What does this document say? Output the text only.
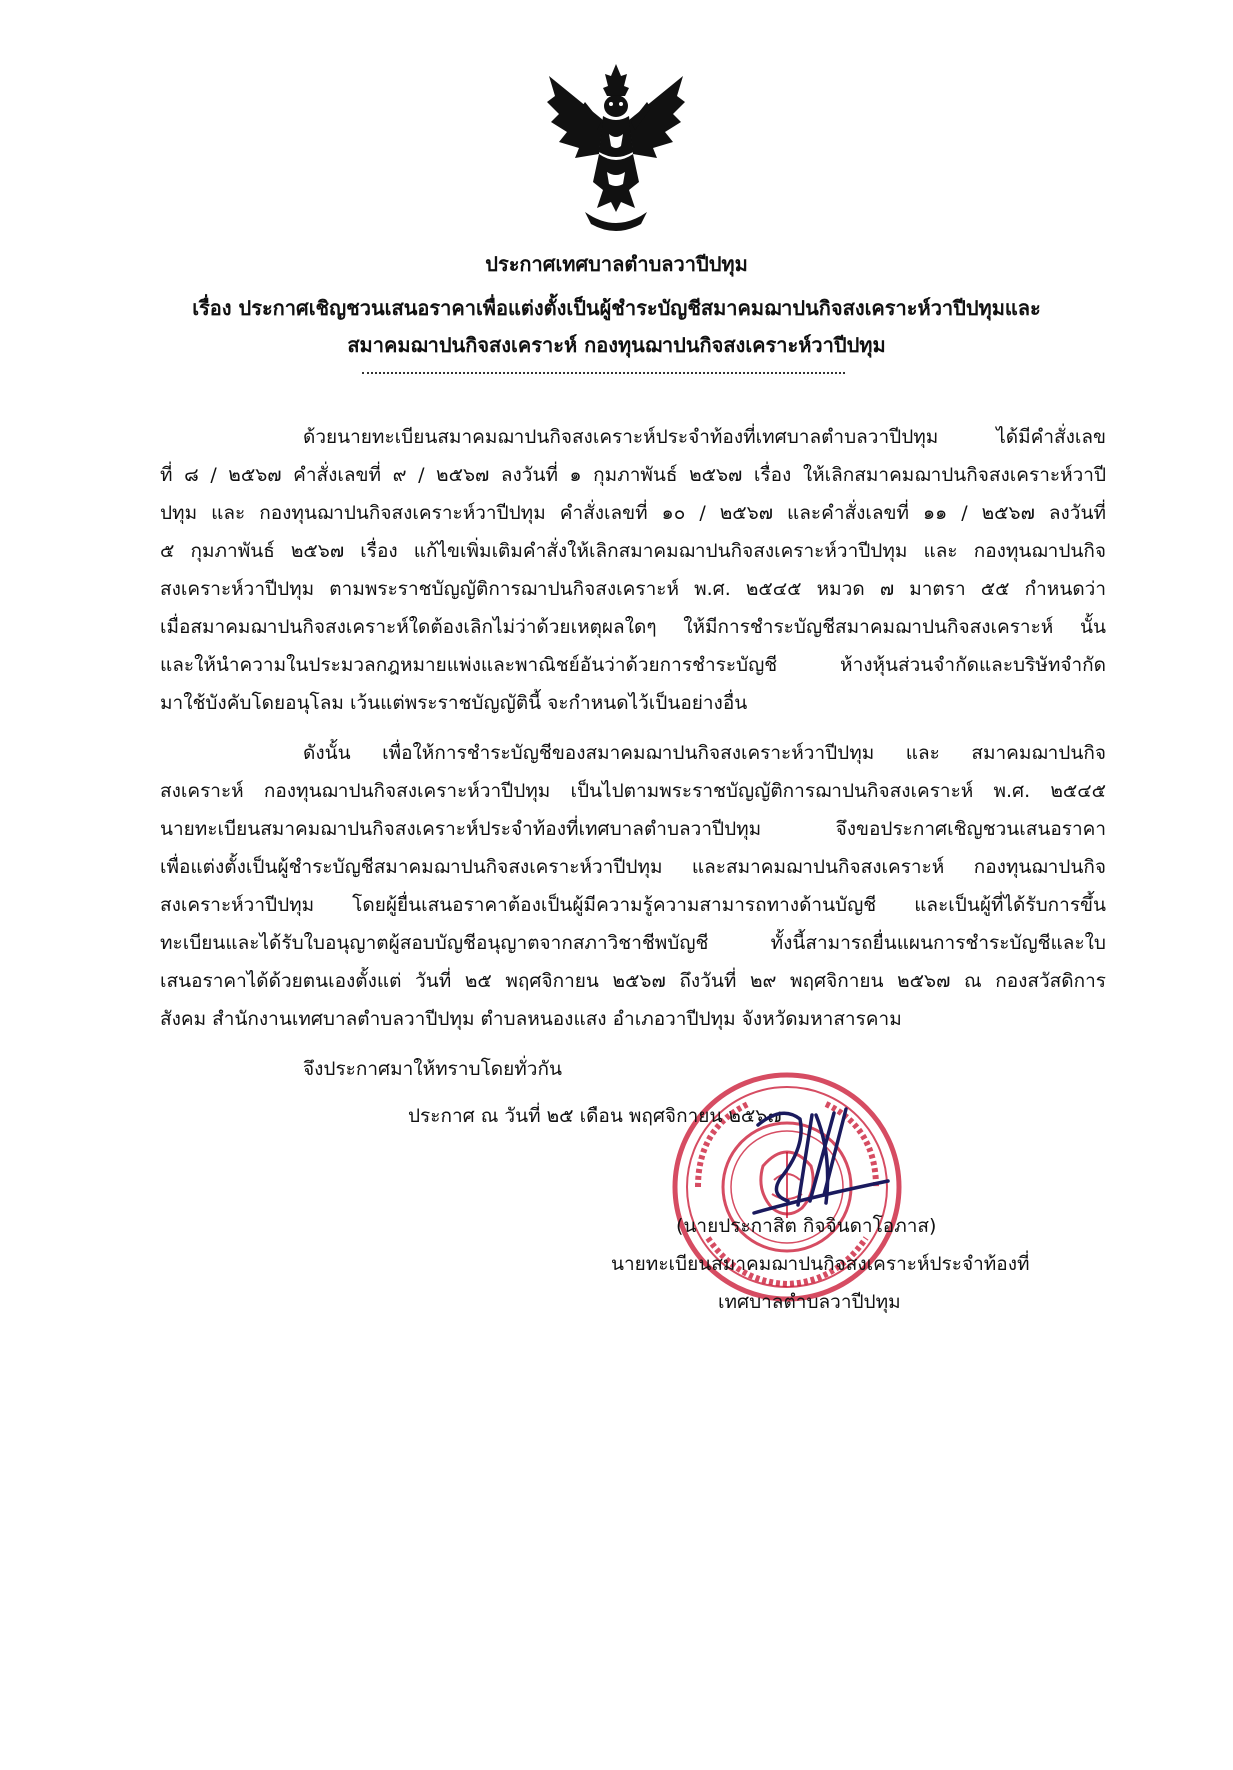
ประกาศเทศบาลตำบลวาปีปทุม
เรื่อง ประกาศเชิญชวนเสนอราคาเพื่อแต่งตั้งเป็นผู้ชำระบัญชีสมาคมฌาปนกิจสงเคราะห์วาปีปทุมและ
สมาคมฌาปนกิจสงเคราะห์ กองทุนฌาปนกิจสงเคราะห์วาปีปทุม
ด้วยนายทะเบียนสมาคมฌาปนกิจสงเคราะห์ประจำท้องที่เทศบาลตำบลวาปีปทุม ได้มีคำสั่งเลข
ที่ ๘ / ๒๕๖๗ คำสั่งเลขที่ ๙ / ๒๕๖๗ ลงวันที่ ๑ กุมภาพันธ์ ๒๕๖๗ เรื่อง ให้เลิกสมาคมฌาปนกิจสงเคราะห์วาปี
ปทุม และ กองทุนฌาปนกิจสงเคราะห์วาปีปทุม คำสั่งเลขที่ ๑๐ / ๒๕๖๗ และคำสั่งเลขที่ ๑๑ / ๒๕๖๗ ลงวันที่
๕ กุมภาพันธ์ ๒๕๖๗ เรื่อง แก้ไขเพิ่มเติมคำสั่งให้เลิกสมาคมฌาปนกิจสงเคราะห์วาปีปทุม และ กองทุนฌาปนกิจ
สงเคราะห์วาปีปทุม ตามพระราชบัญญัติการฌาปนกิจสงเคราะห์ พ.ศ. ๒๕๔๕ หมวด ๗ มาตรา ๕๕ กำหนดว่า
เมื่อสมาคมฌาปนกิจสงเคราะห์ใดต้องเลิกไม่ว่าด้วยเหตุผลใดๆ ให้มีการชำระบัญชีสมาคมฌาปนกิจสงเคราะห์ นั้น
และให้นำความในประมวลกฎหมายแพ่งและพาณิชย์อันว่าด้วยการชำระบัญชี ห้างหุ้นส่วนจำกัดและบริษัทจำกัด
มาใช้บังคับโดยอนุโลม เว้นแต่พระราชบัญญัตินี้ จะกำหนดไว้เป็นอย่างอื่น
ดังนั้น เพื่อให้การชำระบัญชีของสมาคมฌาปนกิจสงเคราะห์วาปีปทุม และ สมาคมฌาปนกิจ
สงเคราะห์ กองทุนฌาปนกิจสงเคราะห์วาปีปทุม เป็นไปตามพระราชบัญญัติการฌาปนกิจสงเคราะห์ พ.ศ. ๒๕๔๕
นายทะเบียนสมาคมฌาปนกิจสงเคราะห์ประจำท้องที่เทศบาลตำบลวาปีปทุม จึงขอประกาศเชิญชวนเสนอราคา
เพื่อแต่งตั้งเป็นผู้ชำระบัญชีสมาคมฌาปนกิจสงเคราะห์วาปีปทุม และสมาคมฌาปนกิจสงเคราะห์ กองทุนฌาปนกิจ
สงเคราะห์วาปีปทุม โดยผู้ยื่นเสนอราคาต้องเป็นผู้มีความรู้ความสามารถทางด้านบัญชี และเป็นผู้ที่ได้รับการขึ้น
ทะเบียนและได้รับใบอนุญาตผู้สอบบัญชีอนุญาตจากสภาวิชาชีพบัญชี ทั้งนี้สามารถยื่นแผนการชำระบัญชีและใบ
เสนอราคาได้ด้วยตนเองตั้งแต่ วันที่ ๒๕ พฤศจิกายน ๒๕๖๗ ถึงวันที่ ๒๙ พฤศจิกายน ๒๕๖๗ ณ กองสวัสดิการ
สังคม สำนักงานเทศบาลตำบลวาปีปทุม ตำบลหนองแสง อำเภอวาปีปทุม จังหวัดมหาสารคาม
จึงประกาศมาให้ทราบโดยทั่วกัน
ประกาศ ณ วันที่ ๒๕ เดือน พฤศจิกายน ๒๕๖๗
(นายประกาสิต กิจจินดาโอภาส)
นายทะเบียนสมาคมฌาปนกิจสงเคราะห์ประจำท้องที่
เทศบาลตำบลวาปีปทุม
